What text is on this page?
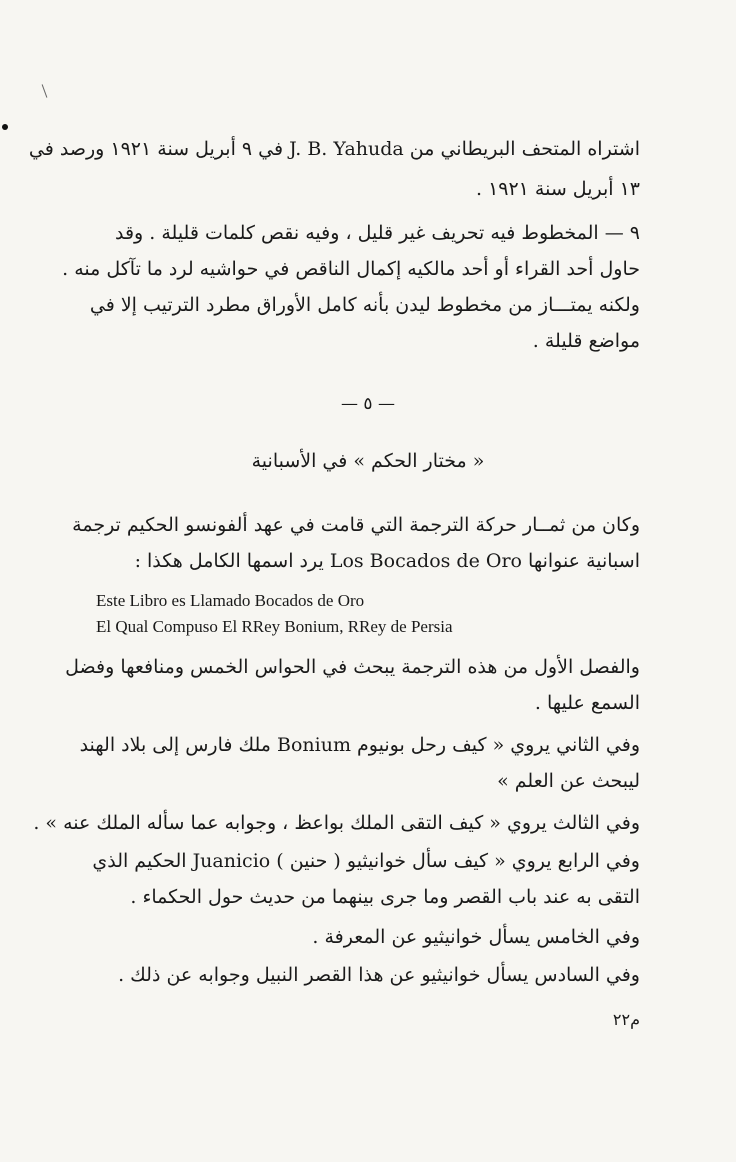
اشتراه المتحف البريطاني من J. B. Yahuda في ٩ أبريل سنة ١٩٢١ ورصد في
١٣ أبريل سنة ١٩٢١ .
٩ — المخطوط فيه تحريف غير قليل ، وفيه نقص كلمات قليلة . وقد
حاول أحد القراء أو أحد مالكيه إكمال الناقص في حواشيه لرد ما تآكل منه .
ولكنه يمتـــاز من مخطوط ليدن بأنه كامل الأوراق مطرد الترتيب إلا في
مواضع قليلة .
— ٥ —
« مختار الحكم » في الأسبانية
وكان من ثمــار حركة الترجمة التي قامت في عهد ألفونسو الحكيم ترجمة
اسبانية عنوانها Los Bocados de Oro يرد اسمها الكامل هكذا :
Este Libro es Llamado Bocados de Oro
El Qual Compuso El RRey Bonium, RRey de Persia
والفصل الأول من هذه الترجمة يبحث في الحواس الخمس ومنافعها وفضل
السمع عليها .
وفي الثاني يروي « كيف رحل بونيوم Bonium ملك فارس إلى بلاد الهند
ليبحث عن العلم »
وفي الثالث يروي « كيف التقى الملك بواعظ ، وجوابه عما سأله الملك عنه » .
وفي الرابع يروي « كيف سأل خوانيثيو ( حنين ) Juanicio الحكيم الذي
التقى به عند باب القصر وما جرى بينهما من حديث حول الحكماء .
وفي الخامس يسأل خوانيثيو عن المعرفة .
وفي السادس يسأل خوانيثيو عن هذا القصر النبيل وجوابه عن ذلك .
م٢٢
